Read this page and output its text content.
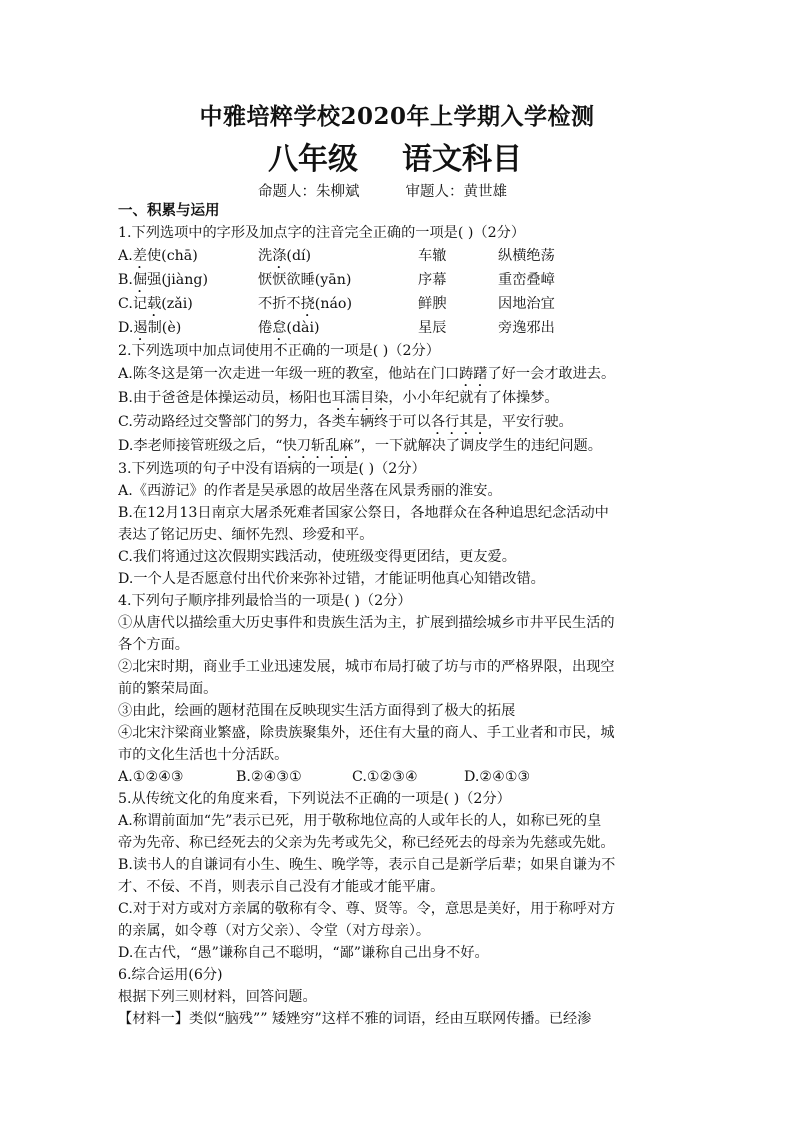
中雅培粹学校2020年上学期入学检测
八年级 语文科目
命题人：朱柳斌	审题人：黄世雄
一、积累与运用
1.下列选项中的字形及加点字的注音完全正确的一项是( )（2分）
A.差使(chā)	洗涤(dí)	车辙	纵横绝荡
B.倔强(jiàng)	恹恹欲睡(yān)	序幕	重峦叠嶂
C.记载(zǎi)	不折不挠(náo)	鲜腴	因地治宜
D.遏制(è)	倦怠(dài)	星辰	旁逸邪出
2.下列选项中加点词使用不正确的一项是( )（2分）
A.陈冬这是第一次走进一年级一班的教室，他站在门口踌躇了好一会才敢进去。
B.由于爸爸是体操运动员，杨阳也耳濡目染，小小年纪就有了体操梦。
C.劳动路经过交警部门的努力，各类车辆终于可以各行其是，平安行驶。
D.李老师接管班级之后，“快刀斩乱麻”，一下就解决了调皮学生的违纪问题。
3.下列选项的句子中没有语病的一项是( )（2分）
A.《西游记》的作者是吴承恩的故居坐落在风景秀丽的淮安。
B.在12月13日南京大屠杀死难者国家公祭日，各地群众在各种追思纪念活动中
表达了铭记历史、缅怀先烈、珍爱和平。
C.我们将通过这次假期实践活动，使班级变得更团结，更友爱。
D.一个人是否愿意付出代价来弥补过错，才能证明他真心知错改错。
4.下列句子顺序排列最恰当的一项是( )（2分）
①从唐代以描绘重大历史事件和贵族生活为主，扩展到描绘城乡市井平民生活的
各个方面。
②北宋时期，商业手工业迅速发展，城市布局打破了坊与市的严格界限，出现空
前的繁荣局面。
③由此，绘画的题材范围在反映现实生活方面得到了极大的拓展
④北宋汴梁商业繁盛，除贵族聚集外，还住有大量的商人、手工业者和市民，城
市的文化生活也十分活跃。
A.①②④③	B.②④③①	C.①②③④	D.②④①③
5.从传统文化的角度来看，下列说法不正确的一项是( )（2分）
A.称谓前面加“先”表示已死，用于敬称地位高的人或年长的人，如称已死的皇
帝为先帝、称已经死去的父亲为先考或先父，称已经死去的母亲为先慈或先妣。
B.读书人的自谦词有小生、晚生、晚学等，表示自己是新学后辈；如果自谦为不
才、不佞、不肖，则表示自己没有才能或才能平庸。
C.对于对方或对方亲属的敬称有令、尊、贤等。令，意思是美好，用于称呼对方
的亲属，如令尊（对方父亲）、令堂（对方母亲）。
D.在古代，“愚”谦称自己不聪明，“鄙”谦称自己出身不好。
6.综合运用(6分)
根据下列三则材料，回答问题。
【材料一】类似“脑残”” 矮矬穷”这样不雅的词语，经由互联网传播。已经渗
